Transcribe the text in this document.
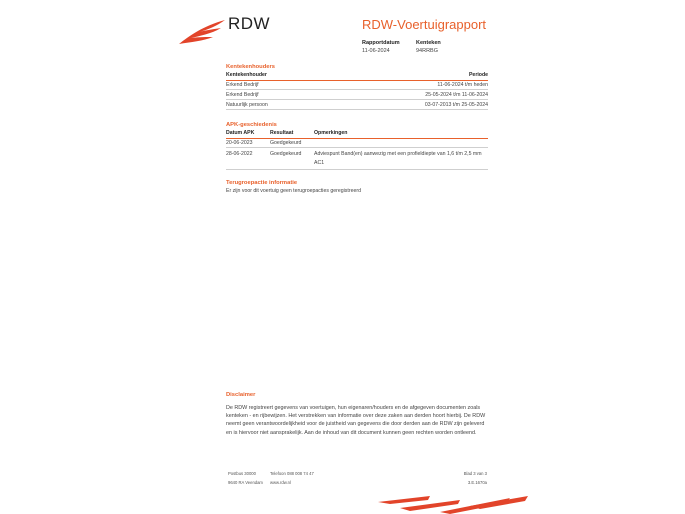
RDW	RDW-Voertuigrapport
Rapportdatum
11-06-2024
Kenteken
94RRBG
Kentekenhouders
Kentekenhouder	Periode
Erkend Bedrijf	11-06-2024 t/m heden
Erkend Bedrijf	25-05-2024 t/m 11-06-2024
Natuurlijk persoon	03-07-2013 t/m 25-05-2024
APK-geschiedenis
Datum APK	Resultaat	Opmerkingen
20-06-2023	Goedgekeurd
28-06-2022	Goedgekeurd	Adviespunt Band(en) aanwezig met een profieldiepte van 1,6 t/m 2,5 mm AC1
Terugroepactie informatie
Er zijn voor dit voertuig geen terugroepacties geregistreerd
Disclaimer
De RDW registreert gegevens van voertuigen, hun eigenaren/houders en de afgegeven documenten zoals kenteken - en rijbewijzen. Het verstrekken van informatie over deze zaken aan derden hoort hierbij. De RDW neemt geen verantwoordelijkheid voor de juistheid van gegevens die door derden aan de RDW zijn geleverd en is hiervoor niet aansprakelijk. Aan de inhoud van dit document kunnen geen rechten worden ontleend.
Postbus 30000
9640 RA Veendam
Telefoon 088 008 74 47
www.rdw.nl
Blad 3 van 3
3.E.1670a
